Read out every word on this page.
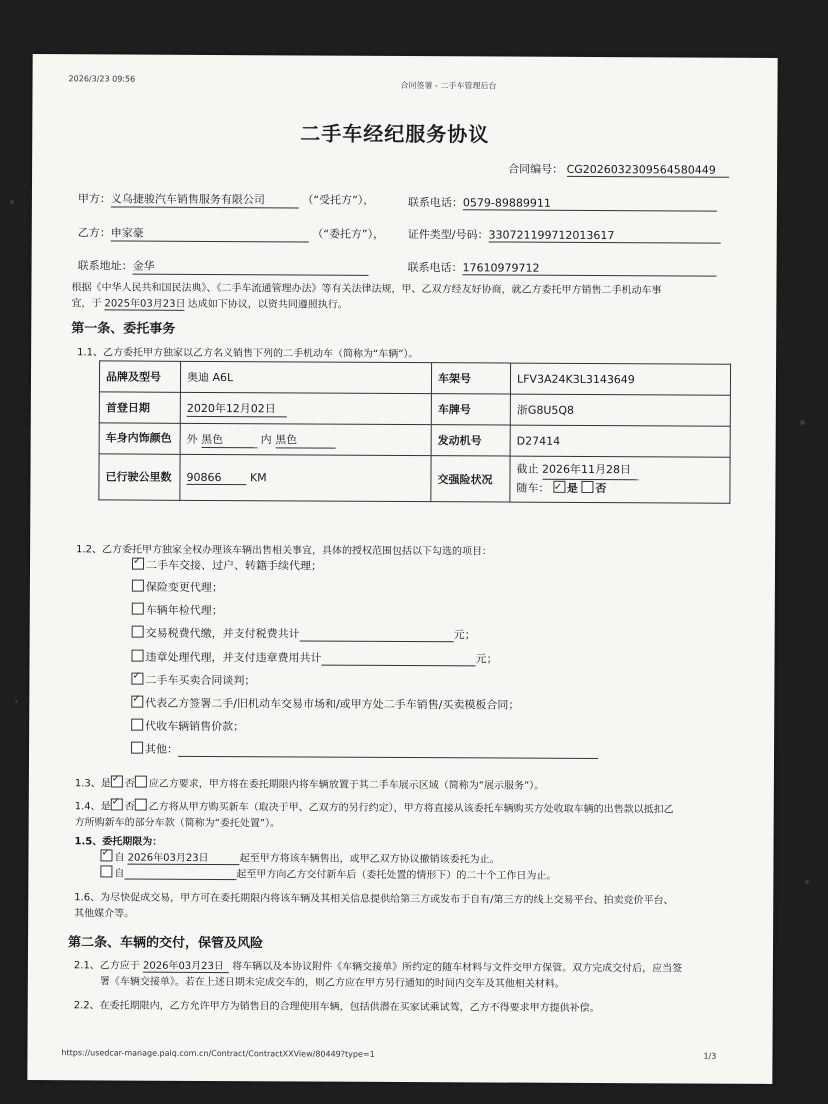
2026/3/23 09:56
合同签署 - 二手车管理后台
二手车经纪服务协议
合同编号： CG2026032309564580449
甲方：义乌捷骏汽车销售服务有限公司	（“受托方”），	联系电话：0579-89889911
乙方：申家豪	（“委托方”）， 证件类型/号码：330721199712013617
联系地址：金华	联系电话：17610979712
根据《中华人民共和国民法典》、《二手车流通管理办法》等有关法律法规，甲、乙双方经友好协商，就乙方委托甲方销售二手机动车事
宜，于 2025年03月23日 达成如下协议，以资共同遵照执行。
第一条、委托事务
1.1、乙方委托甲方独家以乙方名义销售下列的二手机动车（简称为“车辆”）。
品牌及型号	奥迪 A6L	车架号	LFV3A24K3L3143649
首登日期	2020年12月02日	车牌号	浙G8U5Q8
车身内饰颜色	外 黑色 内 黑色	发动机号	D27414
已行驶公里数	90866 KM	交强险状况	截止 2026年11月28日
随车： ✓ 是 否
1.2、乙方委托甲方独家全权办理该车辆出售相关事宜，具体的授权范围包括以下勾选的项目：
✓二手车交接、过户、转籍手续代理；
保险变更代理；
车辆年检代理；
交易税费代缴，并支付税费共计	元；
违章处理代理，并支付违章费用共计	元；
✓二手车买卖合同谈判；
✓代表乙方签署二手/旧机动车交易市场和/或甲方处二手车销售/买卖模板合同；
代收车辆销售价款；
其他：
1.3、是 ✓ 否 应乙方要求，甲方将在委托期限内将车辆放置于其二手车展示区域（简称为“展示服务”）。
1.4、是 ✓ 否 乙方将从甲方购买新车（取决于甲、乙双方的另行约定），甲方将直接从该委托车辆购买方处收取车辆的出售款以抵扣乙
方所购新车的部分车款（简称为“委托处置”）。
1.5、委托期限为：
✓自 2026年03月23日	起至甲方将该车辆售出，或甲乙双方协议撤销该委托为止。
自	起至甲方向乙方交付新车后（委托处置的情形下）的二十个工作日为止。
1.6、为尽快促成交易，甲方可在委托期限内将该车辆及其相关信息提供给第三方或发布于自有/第三方的线上交易平台、拍卖竞价平台、
其他媒介等。
第二条、车辆的交付，保管及风险
2.1、乙方应于 2026年03月23日 将车辆以及本协议附件《车辆交接单》所约定的随车材料与文件交甲方保管。双方完成交付后，应当签
署《车辆交接单》。若在上述日期未完成交车的，则乙方应在甲方另行通知的时间内交车及其他相关材料。
2.2、在委托期限内，乙方允许甲方为销售目的合理使用车辆，包括供潜在买家试乘试驾，乙方不得要求甲方提供补偿。
https://usedcar-manage.paiq.com.cn/Contract/ContractXXView/80449?type=1	1/3
